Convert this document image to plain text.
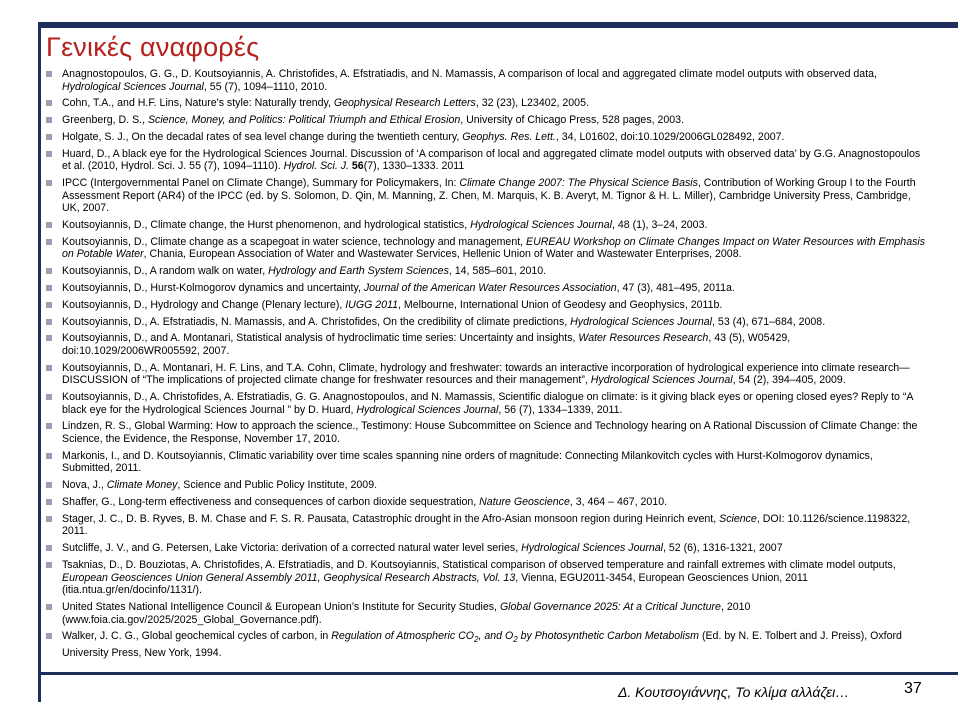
Γενικές αναφορές
Anagnostopoulos, G. G., D. Koutsoyiannis, A. Christofides, A. Efstratiadis, and N. Mamassis, A comparison of local and aggregated climate model outputs with observed data, Hydrological Sciences Journal, 55 (7), 1094–1110, 2010.
Cohn, T.A., and H.F. Lins, Nature's style: Naturally trendy, Geophysical Research Letters, 32 (23), L23402, 2005.
Greenberg, D. S., Science, Money, and Politics: Political Triumph and Ethical Erosion, University of Chicago Press, 528 pages, 2003.
Holgate, S. J., On the decadal rates of sea level change during the twentieth century, Geophys. Res. Lett., 34, L01602, doi:10.1029/2006GL028492, 2007.
Huard, D., A black eye for the Hydrological Sciences Journal. Discussion of ‘A comparison of local and aggregated climate model outputs with observed data’ by G.G. Anagnostopoulos et al. (2010, Hydrol. Sci. J. 55 (7), 1094–1110). Hydrol. Sci. J. 56(7), 1330–1333. 2011
IPCC (Intergovernmental Panel on Climate Change), Summary for Policymakers, In: Climate Change 2007: The Physical Science Basis, Contribution of Working Group I to the Fourth Assessment Report (AR4) of the IPCC (ed. by S. Solomon, D. Qin, M. Manning, Z. Chen, M. Marquis, K. B. Averyt, M. Tignor & H. L. Miller), Cambridge University Press, Cambridge, UK, 2007.
Koutsoyiannis, D., Climate change, the Hurst phenomenon, and hydrological statistics, Hydrological Sciences Journal, 48 (1), 3–24, 2003.
Koutsoyiannis, D., Climate change as a scapegoat in water science, technology and management, EUREAU Workshop on Climate Changes Impact on Water Resources with Emphasis on Potable Water, Chania, European Association of Water and Wastewater Services, Hellenic Union of Water and Wastewater Enterprises, 2008.
Koutsoyiannis, D., A random walk on water, Hydrology and Earth System Sciences, 14, 585–601, 2010.
Koutsoyiannis, D., Hurst-Kolmogorov dynamics and uncertainty, Journal of the American Water Resources Association, 47 (3), 481–495, 2011a.
Koutsoyiannis, D., Hydrology and Change (Plenary lecture), IUGG 2011, Melbourne, International Union of Geodesy and Geophysics, 2011b.
Koutsoyiannis, D., A. Efstratiadis, N. Mamassis, and A. Christofides, On the credibility of climate predictions, Hydrological Sciences Journal, 53 (4), 671–684, 2008.
Koutsoyiannis, D., and A. Montanari, Statistical analysis of hydroclimatic time series: Uncertainty and insights, Water Resources Research, 43 (5), W05429, doi:10.1029/2006WR005592, 2007.
Koutsoyiannis, D., A. Montanari, H. F. Lins, and T.A. Cohn, Climate, hydrology and freshwater: towards an interactive incorporation of hydrological experience into climate research—DISCUSSION of “The implications of projected climate change for freshwater resources and their management”, Hydrological Sciences Journal, 54 (2), 394–405, 2009.
Koutsoyiannis, D., A. Christofides, A. Efstratiadis, G. G. Anagnostopoulos, and N. Mamassis, Scientific dialogue on climate: is it giving black eyes or opening closed eyes? Reply to “A black eye for the Hydrological Sciences Journal ” by D. Huard, Hydrological Sciences Journal, 56 (7), 1334–1339, 2011.
Lindzen, R. S., Global Warming: How to approach the science., Testimony: House Subcommittee on Science and Technology hearing on A Rational Discussion of Climate Change: the Science, the Evidence, the Response, November 17, 2010.
Markonis, I., and D. Koutsoyiannis, Climatic variability over time scales spanning nine orders of magnitude: Connecting Milankovitch cycles with Hurst-Kolmogorov dynamics, Submitted, 2011.
Nova, J., Climate Money, Science and Public Policy Institute, 2009.
Shaffer, G., Long-term effectiveness and consequences of carbon dioxide sequestration, Nature Geoscience, 3, 464 – 467, 2010.
Stager, J. C., D. B. Ryves, B. M. Chase and F. S. R. Pausata, Catastrophic drought in the Afro-Asian monsoon region during Heinrich event, Science, DOI: 10.1126/science.1198322, 2011.
Sutcliffe, J. V., and G. Petersen, Lake Victoria: derivation of a corrected natural water level series, Hydrological Sciences Journal, 52 (6), 1316-1321, 2007
Tsaknias, D., D. Bouziotas, A. Christofides, A. Efstratiadis, and D. Koutsoyiannis, Statistical comparison of observed temperature and rainfall extremes with climate model outputs, European Geosciences Union General Assembly 2011, Geophysical Research Abstracts, Vol. 13, Vienna, EGU2011-3454, European Geosciences Union, 2011 (itia.ntua.gr/en/docinfo/1131/).
United States National Intelligence Council & European Union’s Institute for Security Studies, Global Governance 2025: At a Critical Juncture, 2010 (www.foia.cia.gov/2025/2025_Global_Governance.pdf).
Walker, J. C. G., Global geochemical cycles of carbon, in Regulation of Atmospheric $CO_2$, and $O_2$ by Photosynthetic Carbon Metabolism (Ed. by N. E. Tolbert and J. Preiss), Oxford University Press, New York, 1994.
Δ. Κουτσογιάννης, Το κλίμα αλλάζει…	37
